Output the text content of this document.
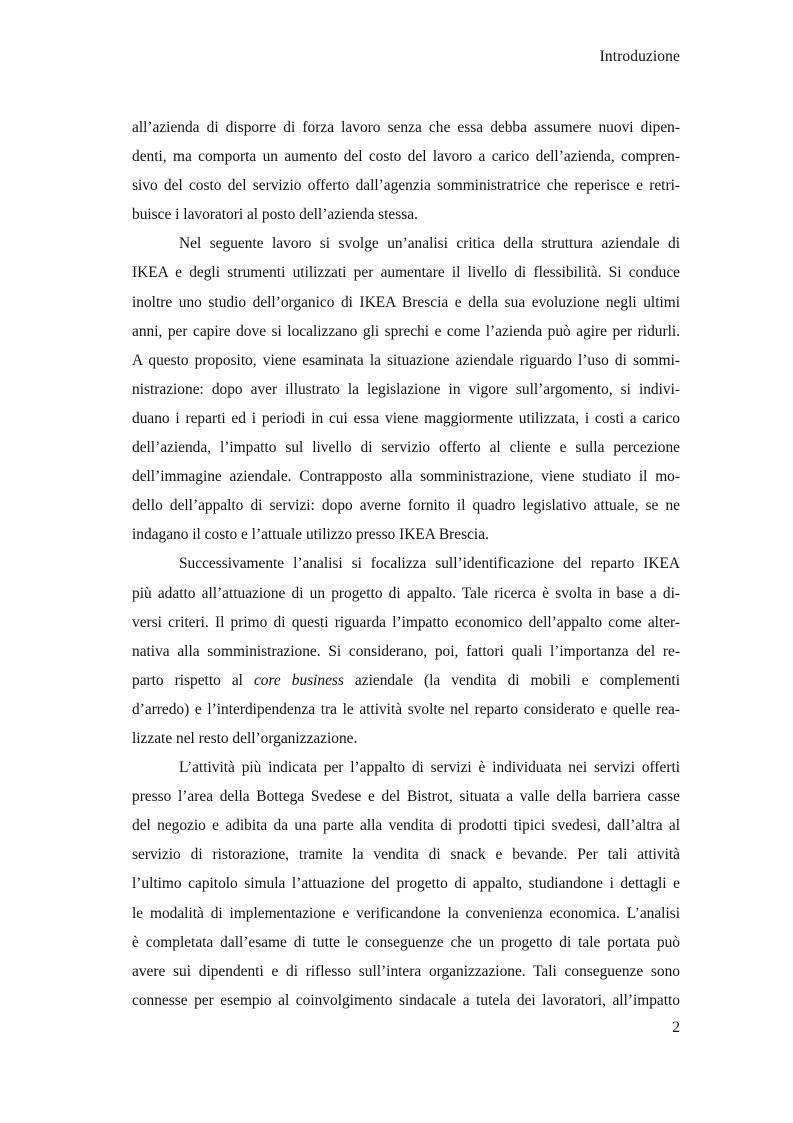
Introduzione
all’azienda di disporre di forza lavoro senza che essa debba assumere nuovi dipen-
denti, ma comporta un aumento del costo del lavoro a carico dell’azienda, compren-
sivo del costo del servizio offerto dall’agenzia somministratrice che reperisce e retri-
buisce i lavoratori al posto dell’azienda stessa.
Nel seguente lavoro si svolge un’analisi critica della struttura aziendale di
IKEA e degli strumenti utilizzati per aumentare il livello di flessibilità. Si conduce
inoltre uno studio dell’organico di IKEA Brescia e della sua evoluzione negli ultimi
anni, per capire dove si localizzano gli sprechi e come l’azienda può agire per ridurli.
A questo proposito, viene esaminata la situazione aziendale riguardo l’uso di sommi-
nistrazione: dopo aver illustrato la legislazione in vigore sull’argomento, si indivi-
duano i reparti ed i periodi in cui essa viene maggiormente utilizzata, i costi a carico
dell’azienda, l’impatto sul livello di servizio offerto al cliente e sulla percezione
dell’immagine aziendale. Contrapposto alla somministrazione, viene studiato il mo-
dello dell’appalto di servizi: dopo averne fornito il quadro legislativo attuale, se ne
indagano il costo e l’attuale utilizzo presso IKEA Brescia.
Successivamente l’analisi si focalizza sull’identificazione del reparto IKEA
più adatto all’attuazione di un progetto di appalto. Tale ricerca è svolta in base a di-
versi criteri. Il primo di questi riguarda l’impatto economico dell’appalto come alter-
nativa alla somministrazione. Si considerano, poi, fattori quali l’importanza del re-
parto rispetto al core business aziendale (la vendita di mobili e complementi
d’arredo) e l’interdipendenza tra le attività svolte nel reparto considerato e quelle rea-
lizzate nel resto dell’organizzazione.
L’attività più indicata per l’appalto di servizi è individuata nei servizi offerti
presso l’area della Bottega Svedese e del Bistrot, situata a valle della barriera casse
del negozio e adibita da una parte alla vendita di prodotti tipici svedesi, dall’altra al
servizio di ristorazione, tramite la vendita di snack e bevande. Per tali attività
l’ultimo capitolo simula l’attuazione del progetto di appalto, studiandone i dettagli e
le modalità di implementazione e verificandone la convenienza economica. L’analisi
è completata dall’esame di tutte le conseguenze che un progetto di tale portata può
avere sui dipendenti e di riflesso sull’intera organizzazione. Tali conseguenze sono
connesse per esempio al coinvolgimento sindacale a tutela dei lavoratori, all’impatto
2
